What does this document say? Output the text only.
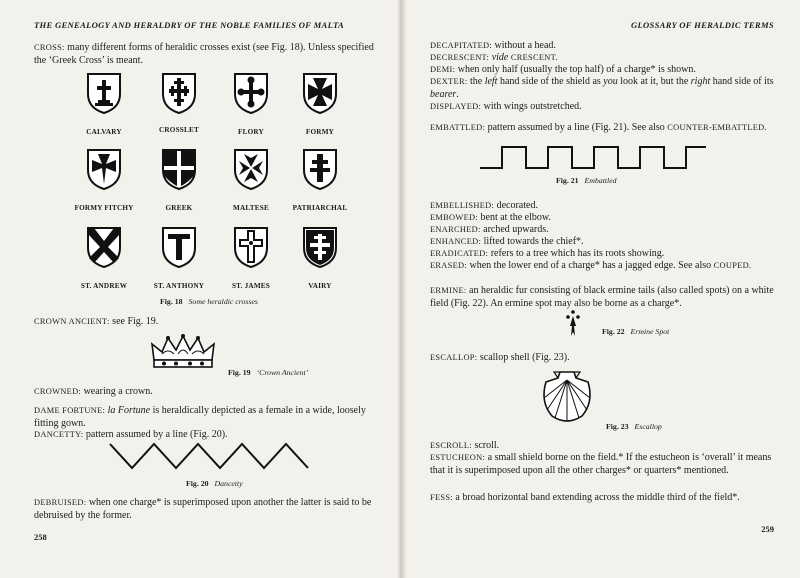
THE GENEALOGY AND HERALDRY OF THE NOBLE FAMILIES OF MALTA
CROSS: many different forms of heraldic crosses exist (see Fig. 18). Unless specified the ‘Greek Cross’ is meant.
CALVARY	CROSSLET	FLORY	FORMY
FORMY FITCHY	GREEK	MALTESE	PATRIARCHAL
ST. ANDREW	ST. ANTHONY	ST. JAMES	VAIRY
Fig. 18 Some heraldic crosses
CROWN ANCIENT: see Fig. 19.
Fig. 19 ‘Crown Ancient’
CROWNED: wearing a crown.
DAME FORTUNE: la Fortune is heraldically depicted as a female in a wide, loosely fitting gown.
DANCETTY: pattern assumed by a line (Fig. 20).
Fig. 20 Dancetty
DEBRUISED: when one charge* is superimposed upon another the latter is said to be debruised by the former.
258
GLOSSARY OF HERALDIC TERMS
DECAPITATED: without a head.
DECRESCENT: vide CRESCENT.
DEMI: when only half (usually the top half) of a charge* is shown.
DEXTER: the left hand side of the shield as you look at it, but the right hand side of its bearer.
DISPLAYED: with wings outstretched.
EMBATTLED: pattern assumed by a line (Fig. 21). See also COUNTER-EMBATTLED.
Fig. 21 Embattled
EMBELLISHED: decorated.
EMBOWED: bent at the elbow.
ENARCHED: arched upwards.
ENHANCED: lifted towards the chief*.
ERADICATED: refers to a tree which has its roots showing.
ERASED: when the lower end of a charge* has a jagged edge. See also COUPED.
ERMINE: an heraldic fur consisting of black ermine tails (also called spots) on a white field (Fig. 22). An ermine spot may also be borne as a charge*.
Fig. 22 Ermine Spot
ESCALLOP: scallop shell (Fig. 23).
Fig. 23 Escallop
ESCROLL: scroll.
ESTUCHEON: a small shield borne on the field.* If the estucheon is ‘overall’ it means that it is superimposed upon all the other charges* or quarters* mentioned.
FESS: a broad horizontal band extending across the middle third of the field*.
259
